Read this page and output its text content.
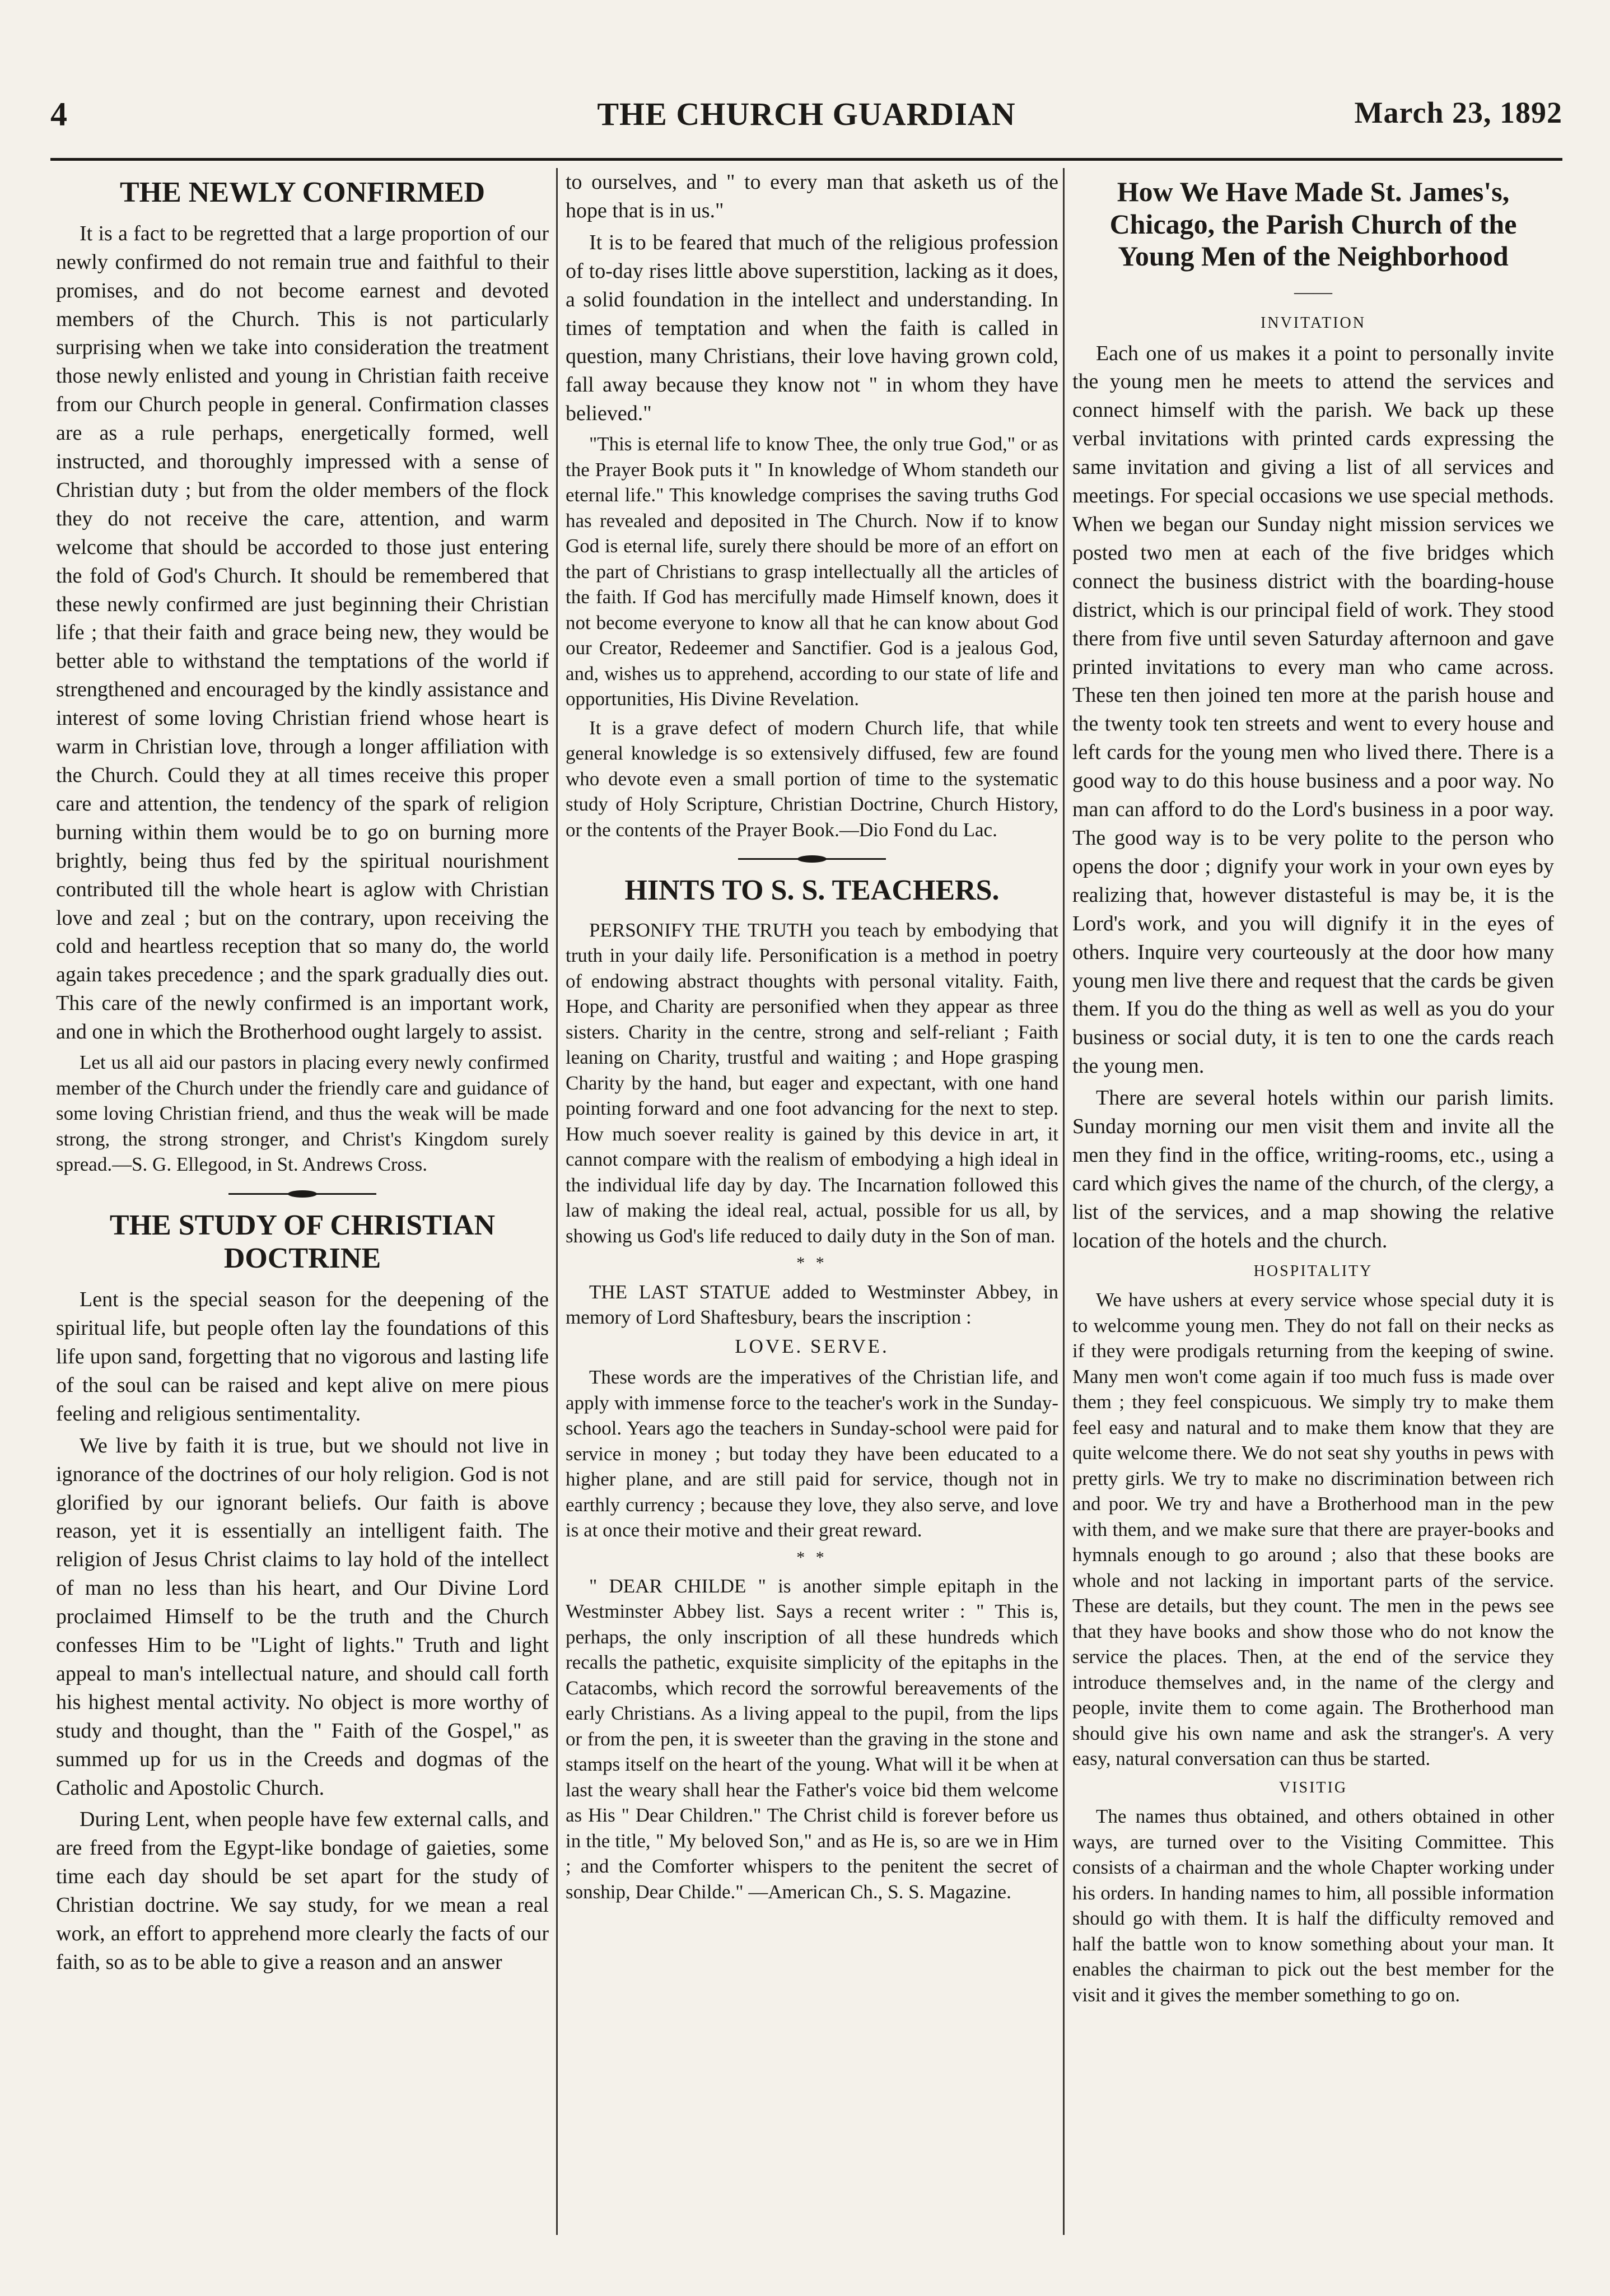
4	THE CHURCH GUARDIAN	March 23, 1892
THE NEWLY CONFIRMED

It is a fact to be regretted that a large proportion of our newly confirmed do not remain true and faithful to their promises, and do not become earnest and devoted members of the Church. This is not particularly surprising when we take into consideration the treatment those newly enlisted and young in Christian faith receive from our Church people in general. Confirmation classes are as a rule perhaps, energetically formed, well instructed, and thoroughly impressed with a sense of Christian duty ; but from the older members of the flock they do not receive the care, attention, and warm welcome that should be accorded to those just entering the fold of God's Church. It should be remembered that these newly confirmed are just beginning their Christian life ; that their faith and grace being new, they would be better able to withstand the temptations of the world if strengthened and encouraged by the kindly assistance and interest of some loving Christian friend whose heart is warm in Christian love, through a longer affiliation with the Church. Could they at all times receive this proper care and attention, the tendency of the spark of religion burning within them would be to go on burning more brightly, being thus fed by the spiritual nourishment contributed till the whole heart is aglow with Christian love and zeal ; but on the contrary, upon receiving the cold and heartless reception that so many do, the world again takes precedence ; and the spark gradually dies out. This care of the newly confirmed is an important work, and one in which the Brotherhood ought largely to assist.

Let us all aid our pastors in placing every newly confirmed member of the Church under the friendly care and guidance of some loving Christian friend, and thus the weak will be made strong, the strong stronger, and Christ's Kingdom surely spread.—S. G. Ellegood, in St. Andrews Cross.

THE STUDY OF CHRISTIAN DOCTRINE

Lent is the special season for the deepening of the spiritual life, but people often lay the foundations of this life upon sand, forgetting that no vigorous and lasting life of the soul can be raised and kept alive on mere pious feeling and religious sentimentality.

We live by faith it is true, but we should not live in ignorance of the doctrines of our holy religion. God is not glorified by our ignorant beliefs. Our faith is above reason, yet it is essentially an intelligent faith. The religion of Jesus Christ claims to lay hold of the intellect of man no less than his heart, and Our Divine Lord proclaimed Himself to be the truth and the Church confesses Him to be "Light of lights." Truth and light appeal to man's intellectual nature, and should call forth his highest mental activity. No object is more worthy of study and thought, than the " Faith of the Gospel," as summed up for us in the Creeds and dogmas of the Catholic and Apostolic Church.

During Lent, when people have few external calls, and are freed from the Egypt-like bondage of gaieties, some time each day should be set apart for the study of Christian doctrine. We say study, for we mean a real work, an effort to apprehend more clearly the facts of our faith, so as to be able to give a reason and an answer

to ourselves, and " to every man that asketh us of the hope that is in us."

It is to be feared that much of the religious profession of to-day rises little above superstition, lacking as it does, a solid foundation in the intellect and understanding. In times of temptation and when the faith is called in question, many Christians, their love having grown cold, fall away because they know not " in whom they have believed."

"This is eternal life to know Thee, the only true God," or as the Prayer Book puts it " In knowledge of Whom standeth our eternal life." This knowledge comprises the saving truths God has revealed and deposited in The Church. Now if to know God is eternal life, surely there should be more of an effort on the part of Christians to grasp intellectually all the articles of the faith. If God has mercifully made Himself known, does it not become everyone to know all that he can know about God our Creator, Redeemer and Sanctifier. God is a jealous God, and, wishes us to apprehend, according to our state of life and opportunities, His Divine Revelation.

It is a grave defect of modern Church life, that while general knowledge is so extensively diffused, few are found who devote even a small portion of time to the systematic study of Holy Scripture, Christian Doctrine, Church History, or the contents of the Prayer Book.—Dio Fond du Lac.

HINTS TO S. S. TEACHERS.

PERSONIFY THE TRUTH you teach by embodying that truth in your daily life. Personification is a method in poetry of endowing abstract thoughts with personal vitality. Faith, Hope, and Charity are personified when they appear as three sisters. Charity in the centre, strong and self-reliant ; Faith leaning on Charity, trustful and waiting ; and Hope grasping Charity by the hand, but eager and expectant, with one hand pointing forward and one foot advancing for the next to step. How much soever reality is gained by this device in art, it cannot compare with the realism of embodying a high ideal in the individual life day by day. The Incarnation followed this law of making the ideal real, actual, possible for us all, by showing us God's life reduced to daily duty in the Son of man.

* *

THE LAST STATUE added to Westminster Abbey, in memory of Lord Shaftesbury, bears the inscription :

LOVE. SERVE.

These words are the imperatives of the Christian life, and apply with immense force to the teacher's work in the Sunday-school. Years ago the teachers in Sunday-school were paid for service in money ; but today they have been educated to a higher plane, and are still paid for service, though not in earthly currency ; because they love, they also serve, and love is at once their motive and their great reward.

* *

" DEAR CHILDE " is another simple epitaph in the Westminster Abbey list. Says a recent writer : " This is, perhaps, the only inscription of all these hundreds which recalls the pathetic, exquisite simplicity of the epitaphs in the Catacombs, which record the sorrowful bereavements of the early Christians. As a living appeal to the pupil, from the lips or from the pen, it is sweeter than the graving in the stone and stamps itself on the heart of the young. What will it be when at last the weary shall hear the Father's voice bid them welcome as His " Dear Children." The Christ child is forever before us in the title, " My beloved Son," and as He is, so are we in Him ; and the Comforter whispers to the penitent the secret of sonship, Dear Childe." —American Ch., S. S. Magazine.

How We Have Made St. James's, Chicago, the Parish Church of the Young Men of the Neighborhood
——
INVITATION

Each one of us makes it a point to personally invite the young men he meets to attend the services and connect himself with the parish. We back up these verbal invitations with printed cards expressing the same invitation and giving a list of all services and meetings. For special occasions we use special methods. When we began our Sunday night mission services we posted two men at each of the five bridges which connect the business district with the boarding-house district, which is our principal field of work. They stood there from five until seven Saturday afternoon and gave printed invitations to every man who came across. These ten then joined ten more at the parish house and the twenty took ten streets and went to every house and left cards for the young men who lived there. There is a good way to do this house business and a poor way. No man can afford to do the Lord's business in a poor way. The good way is to be very polite to the person who opens the door ; dignify your work in your own eyes by realizing that, however distasteful is may be, it is the Lord's work, and you will dignify it in the eyes of others. Inquire very courteously at the door how many young men live there and request that the cards be given them. If you do the thing as well as well as you do your business or social duty, it is ten to one the cards reach the young men.

There are several hotels within our parish limits. Sunday morning our men visit them and invite all the men they find in the office, writing-rooms, etc., using a card which gives the name of the church, of the clergy, a list of the services, and a map showing the relative location of the hotels and the church.

HOSPITALITY

We have ushers at every service whose special duty it is to welcomme young men. They do not fall on their necks as if they were prodigals returning from the keeping of swine. Many men won't come again if too much fuss is made over them ; they feel conspicuous. We simply try to make them feel easy and natural and to make them know that they are quite welcome there. We do not seat shy youths in pews with pretty girls. We try to make no discrimination between rich and poor. We try and have a Brotherhood man in the pew with them, and we make sure that there are prayer-books and hymnals enough to go around ; also that these books are whole and not lacking in important parts of the service. These are details, but they count. The men in the pews see that they have books and show those who do not know the service the places. Then, at the end of the service they introduce themselves and, in the name of the clergy and people, invite them to come again. The Brotherhood man should give his own name and ask the stranger's. A very easy, natural conversation can thus be started.

VISITIG

The names thus obtained, and others obtained in other ways, are turned over to the Visiting Committee. This consists of a chairman and the whole Chapter working under his orders. In handing names to him, all possible information should go with them. It is half the difficulty removed and half the battle won to know something about your man. It enables the chairman to pick out the best member for the visit and it gives the member something to go on.
